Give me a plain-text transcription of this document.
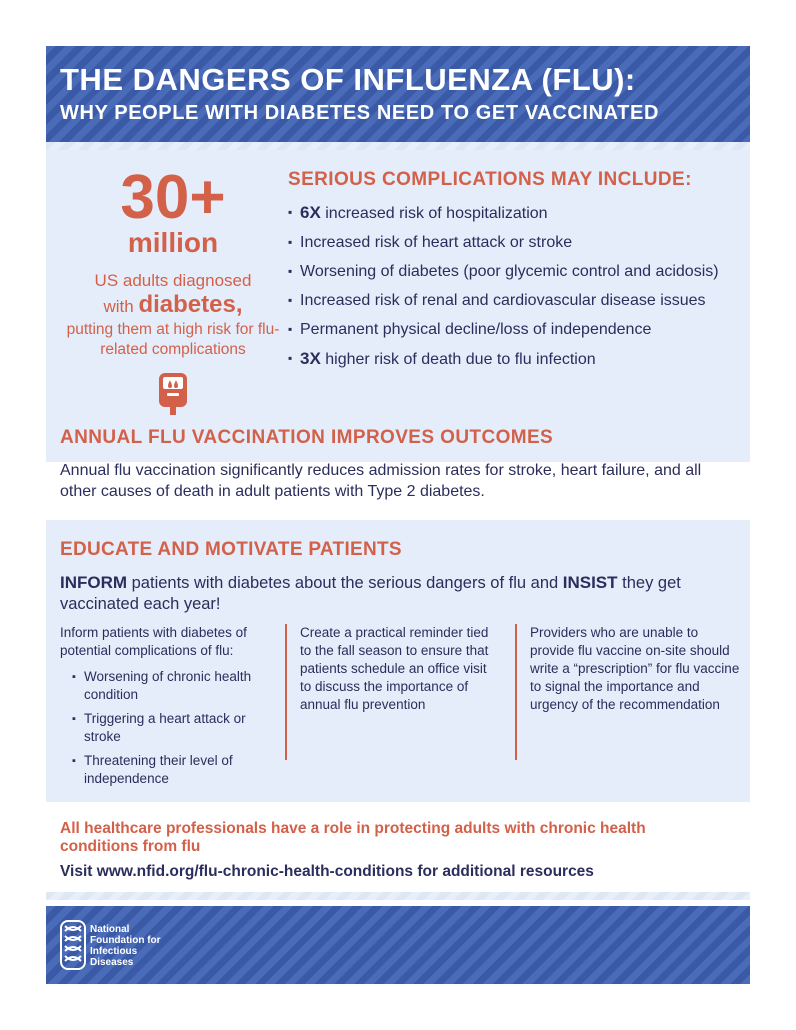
THE DANGERS OF INFLUENZA (FLU):
WHY PEOPLE WITH DIABETES NEED TO GET VACCINATED
30+
million
US adults diagnosed
with diabetes,
putting them at high risk for flu-related complications
SERIOUS COMPLICATIONS MAY INCLUDE:
▪ 6X increased risk of hospitalization
▪ Increased risk of heart attack or stroke
▪ Worsening of diabetes (poor glycemic control and acidosis)
▪ Increased risk of renal and cardiovascular disease issues
▪ Permanent physical decline/loss of independence
▪ 3X higher risk of death due to flu infection
ANNUAL FLU VACCINATION IMPROVES OUTCOMES

Annual flu vaccination significantly reduces admission rates for stroke, heart failure, and all other causes of death in adult patients with Type 2 diabetes.

EDUCATE AND MOTIVATE PATIENTS
INFORM patients with diabetes about the serious dangers of flu and INSIST they get vaccinated each year!
Inform patients with diabetes of potential complications of flu:
▪ Worsening of chronic health condition
▪ Triggering a heart attack or stroke
▪ Threatening their level of independence
Create a practical reminder tied to the fall season to ensure that patients schedule an office visit to discuss the importance of annual flu prevention
Providers who are unable to provide flu vaccine on-site should write a “prescription” for flu vaccine to signal the importance and urgency of the recommendation
All healthcare professionals have a role in protecting adults with chronic health conditions from flu
Visit www.nfid.org/flu-chronic-health-conditions for additional resources
National
Foundation for
Infectious
Diseases
